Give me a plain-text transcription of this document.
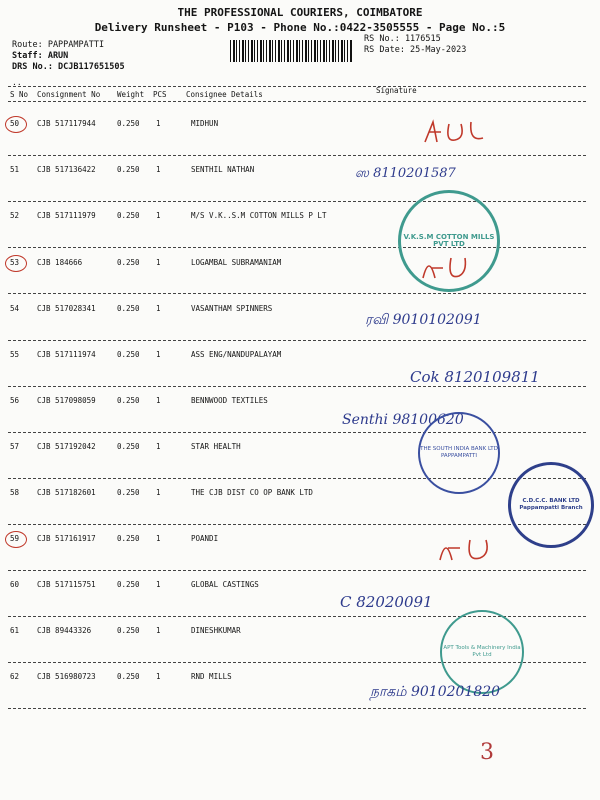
THE PROFESSIONAL COURIERS, COIMBATORE
Delivery Runsheet - P103 - Phone No.:0422-3505555 - Page No.:5
Route: PAPPAMPATTI
Staff: ARUN
DRS No.: DCJB117651505
RS No.: 1176515
RS Date: 25-May-2023
..
S No Consignment No Weight PCS	Consignee Details	Signature
50 CJB 517117944	0.250 1	MIDHUN
51 CJB 517136422	0.250 1	SENTHIL NATHAN
52 CJB 517111979	0.250 1	M/S V.K..S.M COTTON MILLS P LT
53 CJB 184666	0.250 1	LOGAMBAL SUBRAMANIAM
54 CJB 517028341	0.250 1	VASANTHAM SPINNERS
55 CJB 517111974	0.250 1	ASS ENG/NANDUPALAYAM
56 CJB 517098059	0.250 1	BENNWOOD TEXTILES
57 CJB 517192042	0.250 1	STAR HEALTH
58 CJB 517182601	0.250 1	THE CJB DIST CO OP BANK LTD
59 CJB 517161917	0.250 1	POANDI
60 CJB 517115751	0.250 1	GLOBAL CASTINGS
61 CJB 89443326	0.250 1	DINESHKUMAR
62 CJB 516980723	0.250 1	RND MILLS
ஸ 8110201587
V.K.S.M COTTON MILLS PVT LTD
ரவி 9010102091
Cok 8120109811
Senthi 98100620
THE SOUTH INDIA BANK LTD PAPPAMPATTI
C.D.C.C. BANK LTD Pappampatti Branch
C 82020091
APT Tools & Machinery India Pvt Ltd
நாகம் 9010201820
3
